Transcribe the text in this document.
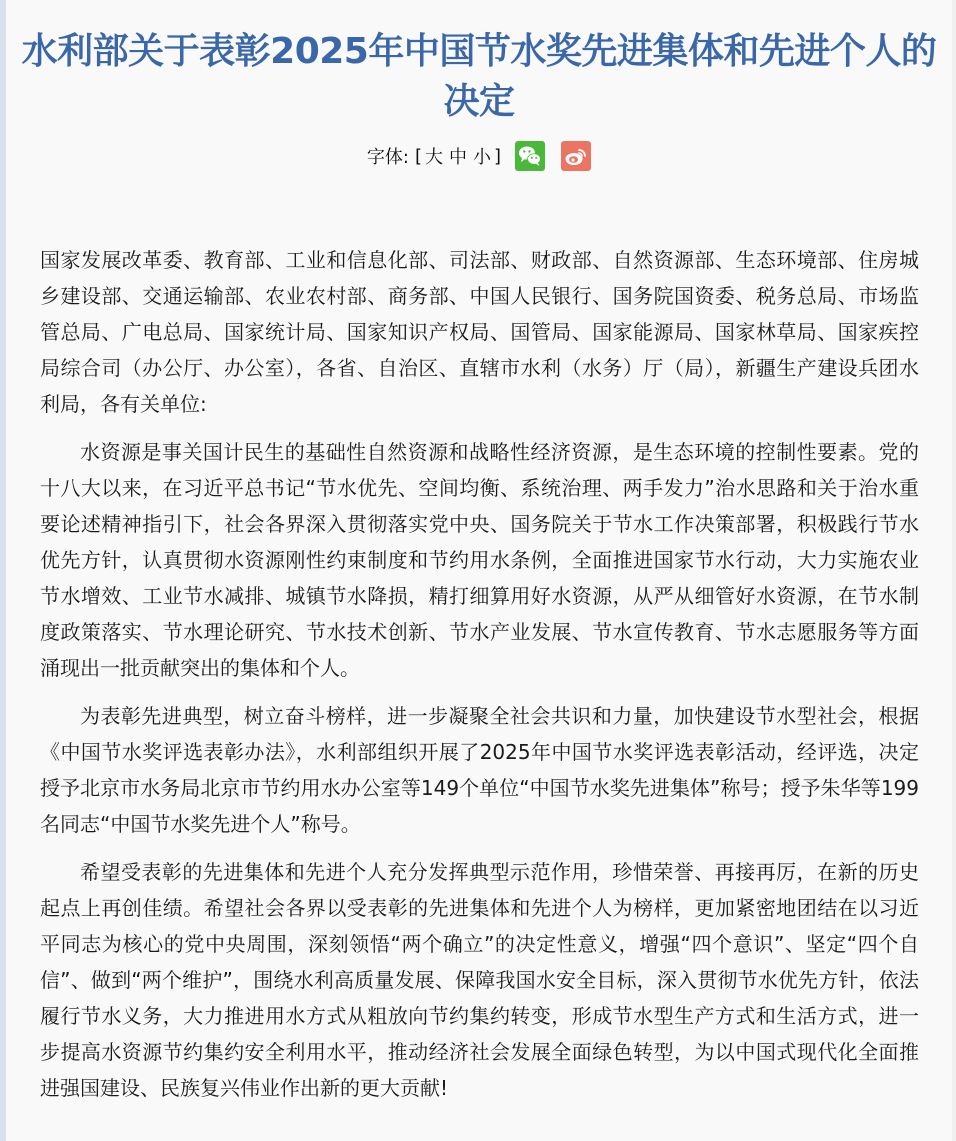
水利部关于表彰2025年中国节水奖先进集体和先进个人的决定
字体: [ 大 中 小 ]

国家发展改革委、教育部、工业和信息化部、司法部、财政部、自然资源部、生态环境部、住房城乡建设部、交通运输部、农业农村部、商务部、中国人民银行、国务院国资委、税务总局、市场监管总局、广电总局、国家统计局、国家知识产权局、国管局、国家能源局、国家林草局、国家疾控局综合司（办公厅、办公室），各省、自治区、直辖市水利（水务）厅（局），新疆生产建设兵团水利局，各有关单位:

水资源是事关国计民生的基础性自然资源和战略性经济资源，是生态环境的控制性要素。党的十八大以来，在习近平总书记“节水优先、空间均衡、系统治理、两手发力”治水思路和关于治水重要论述精神指引下，社会各界深入贯彻落实党中央、国务院关于节水工作决策部署，积极践行节水优先方针，认真贯彻水资源刚性约束制度和节约用水条例，全面推进国家节水行动，大力实施农业节水增效、工业节水减排、城镇节水降损，精打细算用好水资源，从严从细管好水资源，在节水制度政策落实、节水理论研究、节水技术创新、节水产业发展、节水宣传教育、节水志愿服务等方面涌现出一批贡献突出的集体和个人。

为表彰先进典型，树立奋斗榜样，进一步凝聚全社会共识和力量，加快建设节水型社会，根据《中国节水奖评选表彰办法》，水利部组织开展了2025年中国节水奖评选表彰活动，经评选，决定授予北京市水务局北京市节约用水办公室等149个单位“中国节水奖先进集体”称号；授予朱华等199名同志“中国节水奖先进个人”称号。

希望受表彰的先进集体和先进个人充分发挥典型示范作用，珍惜荣誉、再接再厉，在新的历史起点上再创佳绩。希望社会各界以受表彰的先进集体和先进个人为榜样，更加紧密地团结在以习近平同志为核心的党中央周围，深刻领悟“两个确立”的决定性意义，增强“四个意识”、坚定“四个自信”、做到“两个维护”，围绕水利高质量发展、保障我国水安全目标，深入贯彻节水优先方针，依法履行节水义务，大力推进用水方式从粗放向节约集约转变，形成节水型生产方式和生活方式，进一步提高水资源节约集约安全利用水平，推动经济社会发展全面绿色转型，为以中国式现代化全面推进强国建设、民族复兴伟业作出新的更大贡献!
